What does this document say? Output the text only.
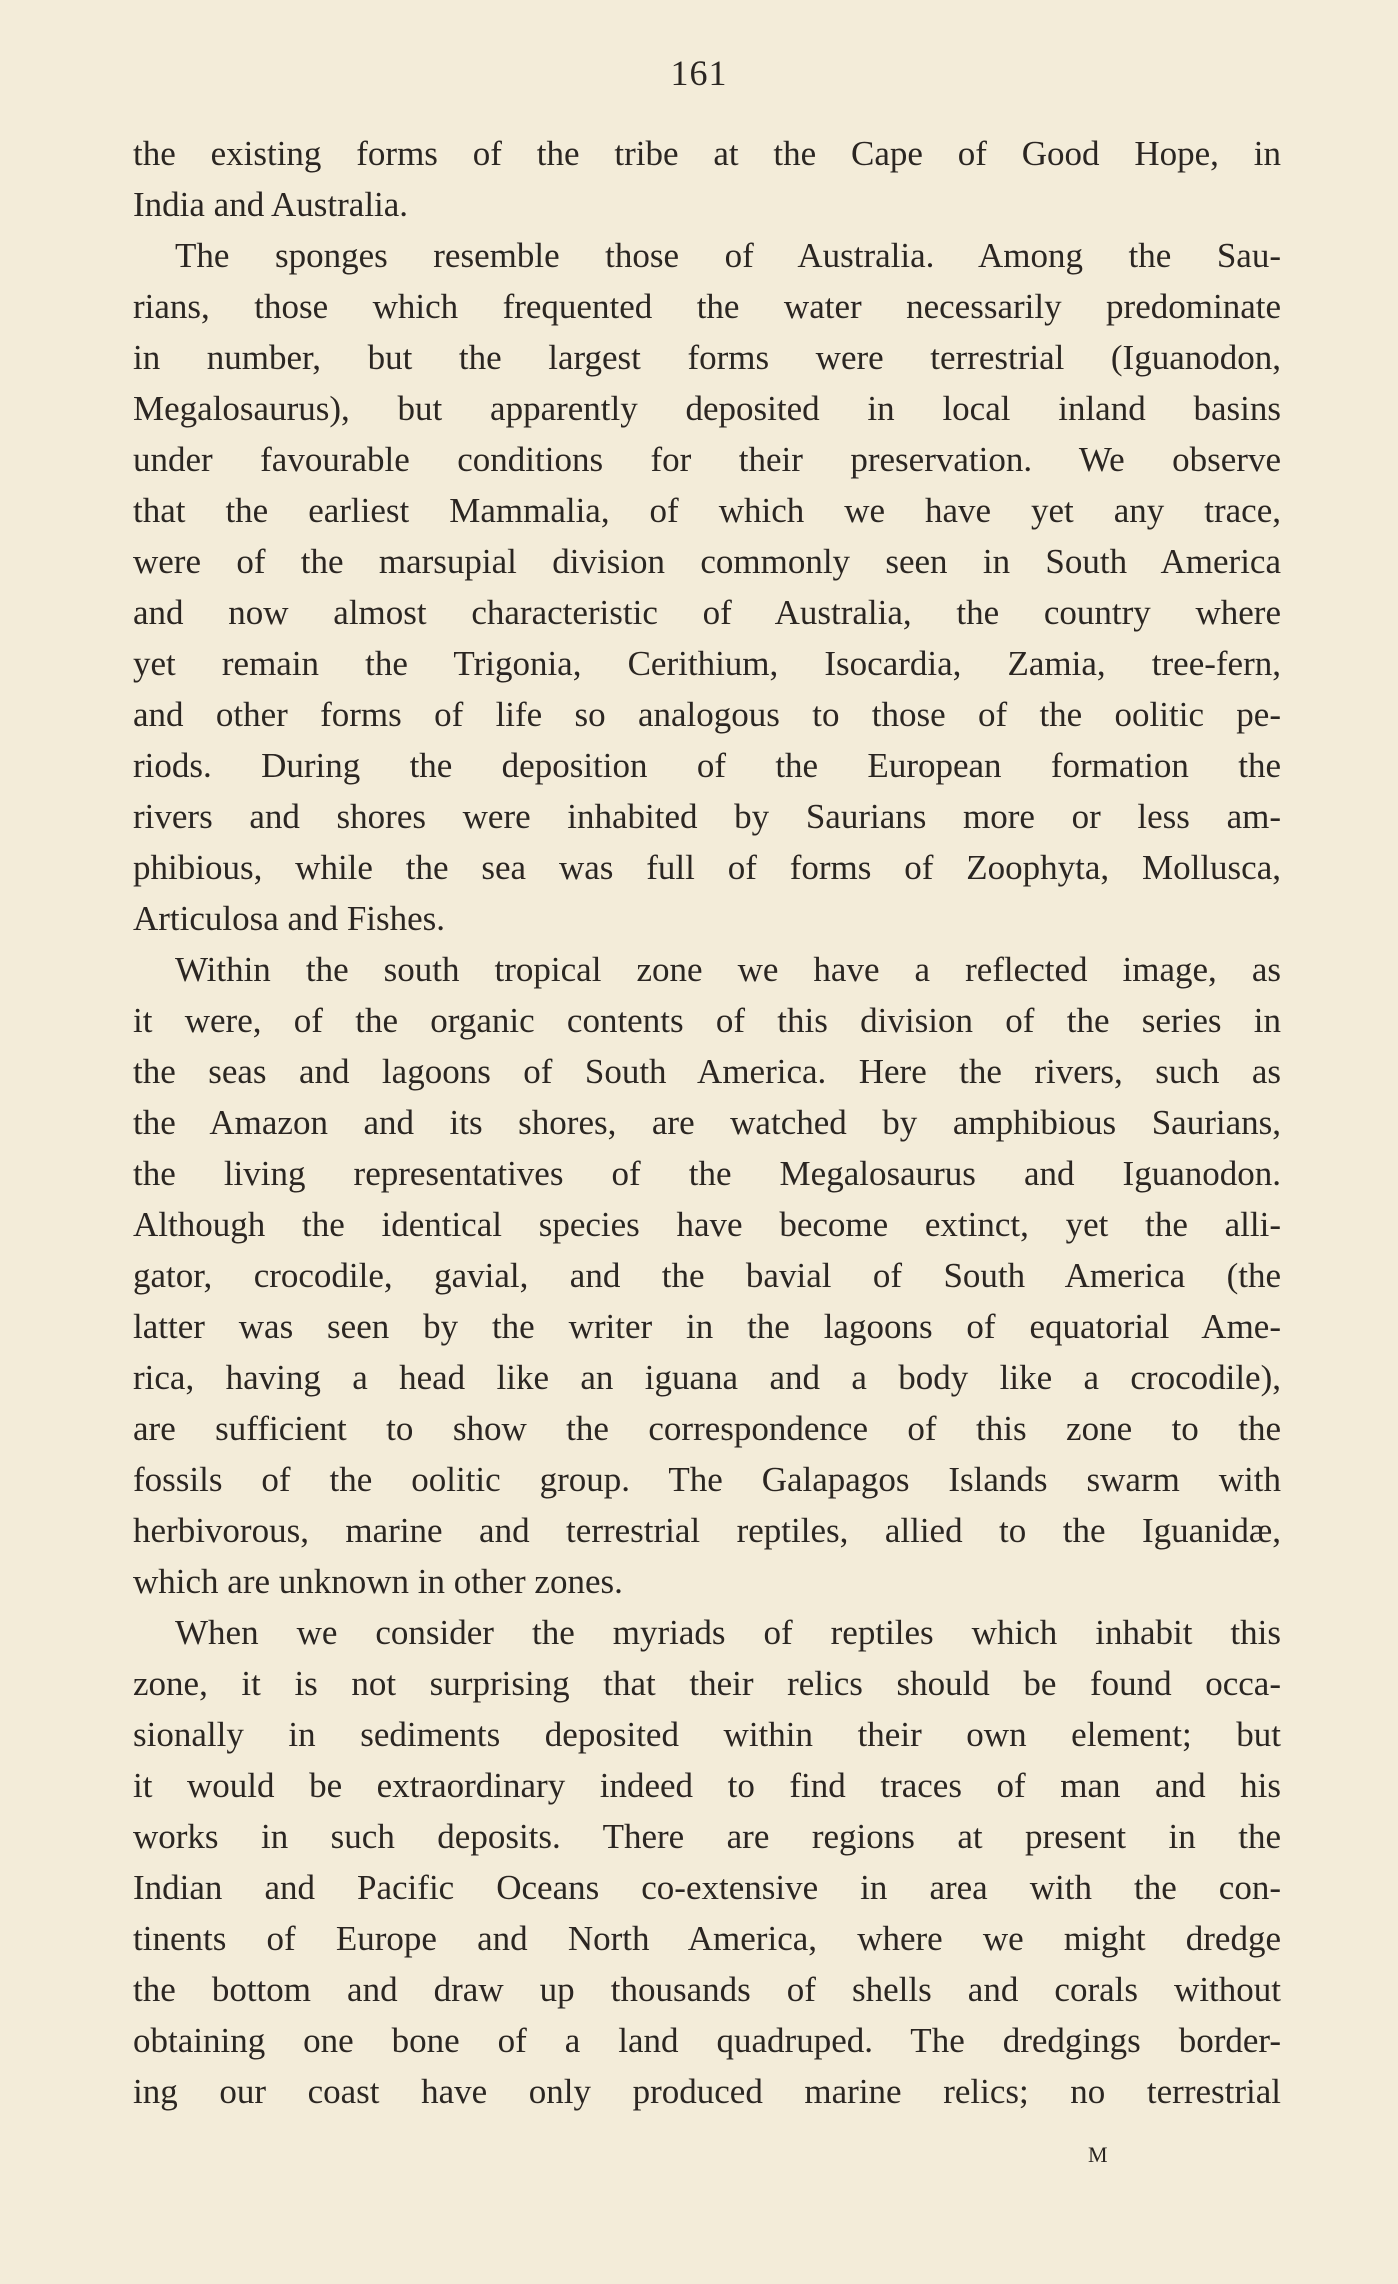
161
the existing forms of the tribe at the Cape of Good Hope, in
India and Australia.
The sponges resemble those of Australia. Among the Sau-
rians, those which frequented the water necessarily predominate
in number, but the largest forms were terrestrial (Iguanodon,
Megalosaurus), but apparently deposited in local inland basins
under favourable conditions for their preservation. We observe
that the earliest Mammalia, of which we have yet any trace,
were of the marsupial division commonly seen in South America
and now almost characteristic of Australia, the country where
yet remain the Trigonia, Cerithium, Isocardia, Zamia, tree-fern,
and other forms of life so analogous to those of the oolitic pe-
riods. During the deposition of the European formation the
rivers and shores were inhabited by Saurians more or less am-
phibious, while the sea was full of forms of Zoophyta, Mollusca,
Articulosa and Fishes.
Within the south tropical zone we have a reflected image, as
it were, of the organic contents of this division of the series in
the seas and lagoons of South America. Here the rivers, such as
the Amazon and its shores, are watched by amphibious Saurians,
the living representatives of the Megalosaurus and Iguanodon.
Although the identical species have become extinct, yet the alli-
gator, crocodile, gavial, and the bavial of South America (the
latter was seen by the writer in the lagoons of equatorial Ame-
rica, having a head like an iguana and a body like a crocodile),
are sufficient to show the correspondence of this zone to the
fossils of the oolitic group. The Galapagos Islands swarm with
herbivorous, marine and terrestrial reptiles, allied to the Iguanidæ,
which are unknown in other zones.
When we consider the myriads of reptiles which inhabit this
zone, it is not surprising that their relics should be found occa-
sionally in sediments deposited within their own element; but
it would be extraordinary indeed to find traces of man and his
works in such deposits. There are regions at present in the
Indian and Pacific Oceans co-extensive in area with the con-
tinents of Europe and North America, where we might dredge
the bottom and draw up thousands of shells and corals without
obtaining one bone of a land quadruped. The dredgings border-
ing our coast have only produced marine relics; no terrestrial
M
